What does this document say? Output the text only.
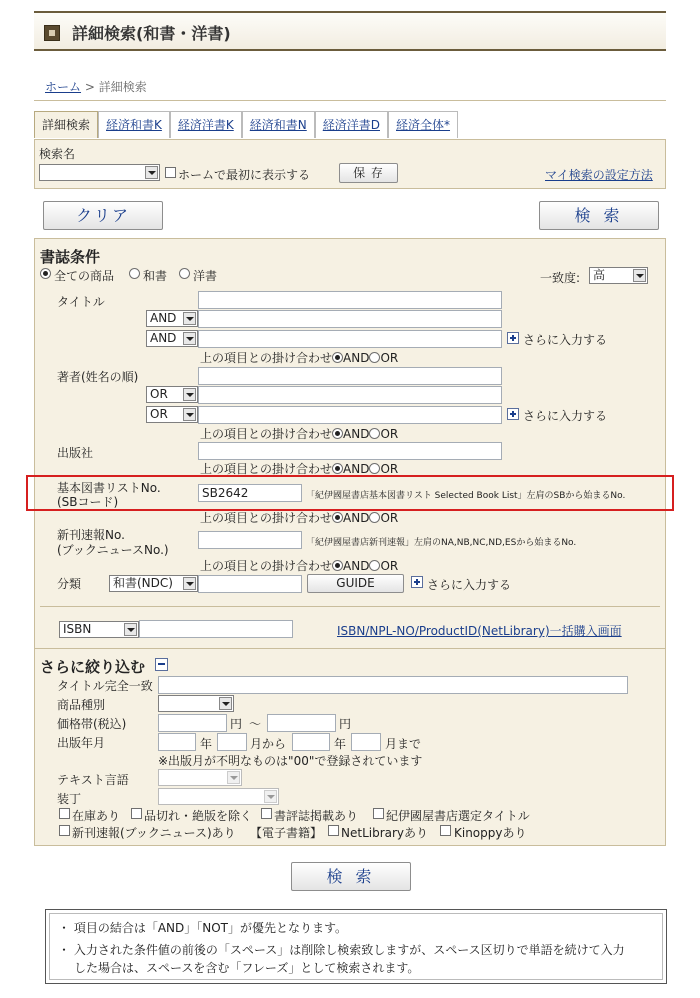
詳細検索(和書・洋書)
ホーム > 詳細検索
詳細検索	経済和書K	経済洋書K	経済和書N	経済洋書D	経済全体*
検索名
ホームで最初に表示する	保 存	マイ検索の設定方法
クリア	検 索
書誌条件
全ての商品 和書 洋書	一致度:	高
タイトル
AND
AND	さらに入力する
上の項目との掛け合わせ AND OR
著者(姓名の順)
OR
OR	さらに入力する
上の項目との掛け合わせ AND OR
出版社
上の項目との掛け合わせ AND OR
基本図書リストNo.
(SBコード)
SB2642	「紀伊國屋書店基本図書リスト Selected Book List」左肩のSBから始まるNo.
上の項目との掛け合わせ AND OR
新刊速報No.
(ブックニュースNo.)	「紀伊國屋書店新刊速報」左肩のNA,NB,NC,ND,ESから始まるNo.
上の項目との掛け合わせ AND OR
分類	和書(NDC)	GUIDE	さらに入力する
ISBN	ISBN/NPL-NO/ProductID(NetLibrary)一括購入画面
さらに絞り込む
タイトル完全一致
商品種別
価格帯(税込)	円 〜	円
出版年月	年	月から	年	月まで
※出版月が不明なものは"00"で登録されています
テキスト言語
装丁
在庫あり 品切れ・絶版を除く 書評誌掲載あり 紀伊國屋書店選定タイトル
新刊速報(ブックニュース)あり 【電子書籍】 NetLibraryあり Kinoppyあり
検 索
・ 項目の結合は「AND」「NOT」が優先となります。
・ 入力された条件値の前後の「スペース」は削除し検索致しますが、スペース区切りで単語を続けて入力
した場合は、スペースを含む「フレーズ」として検索されます。
